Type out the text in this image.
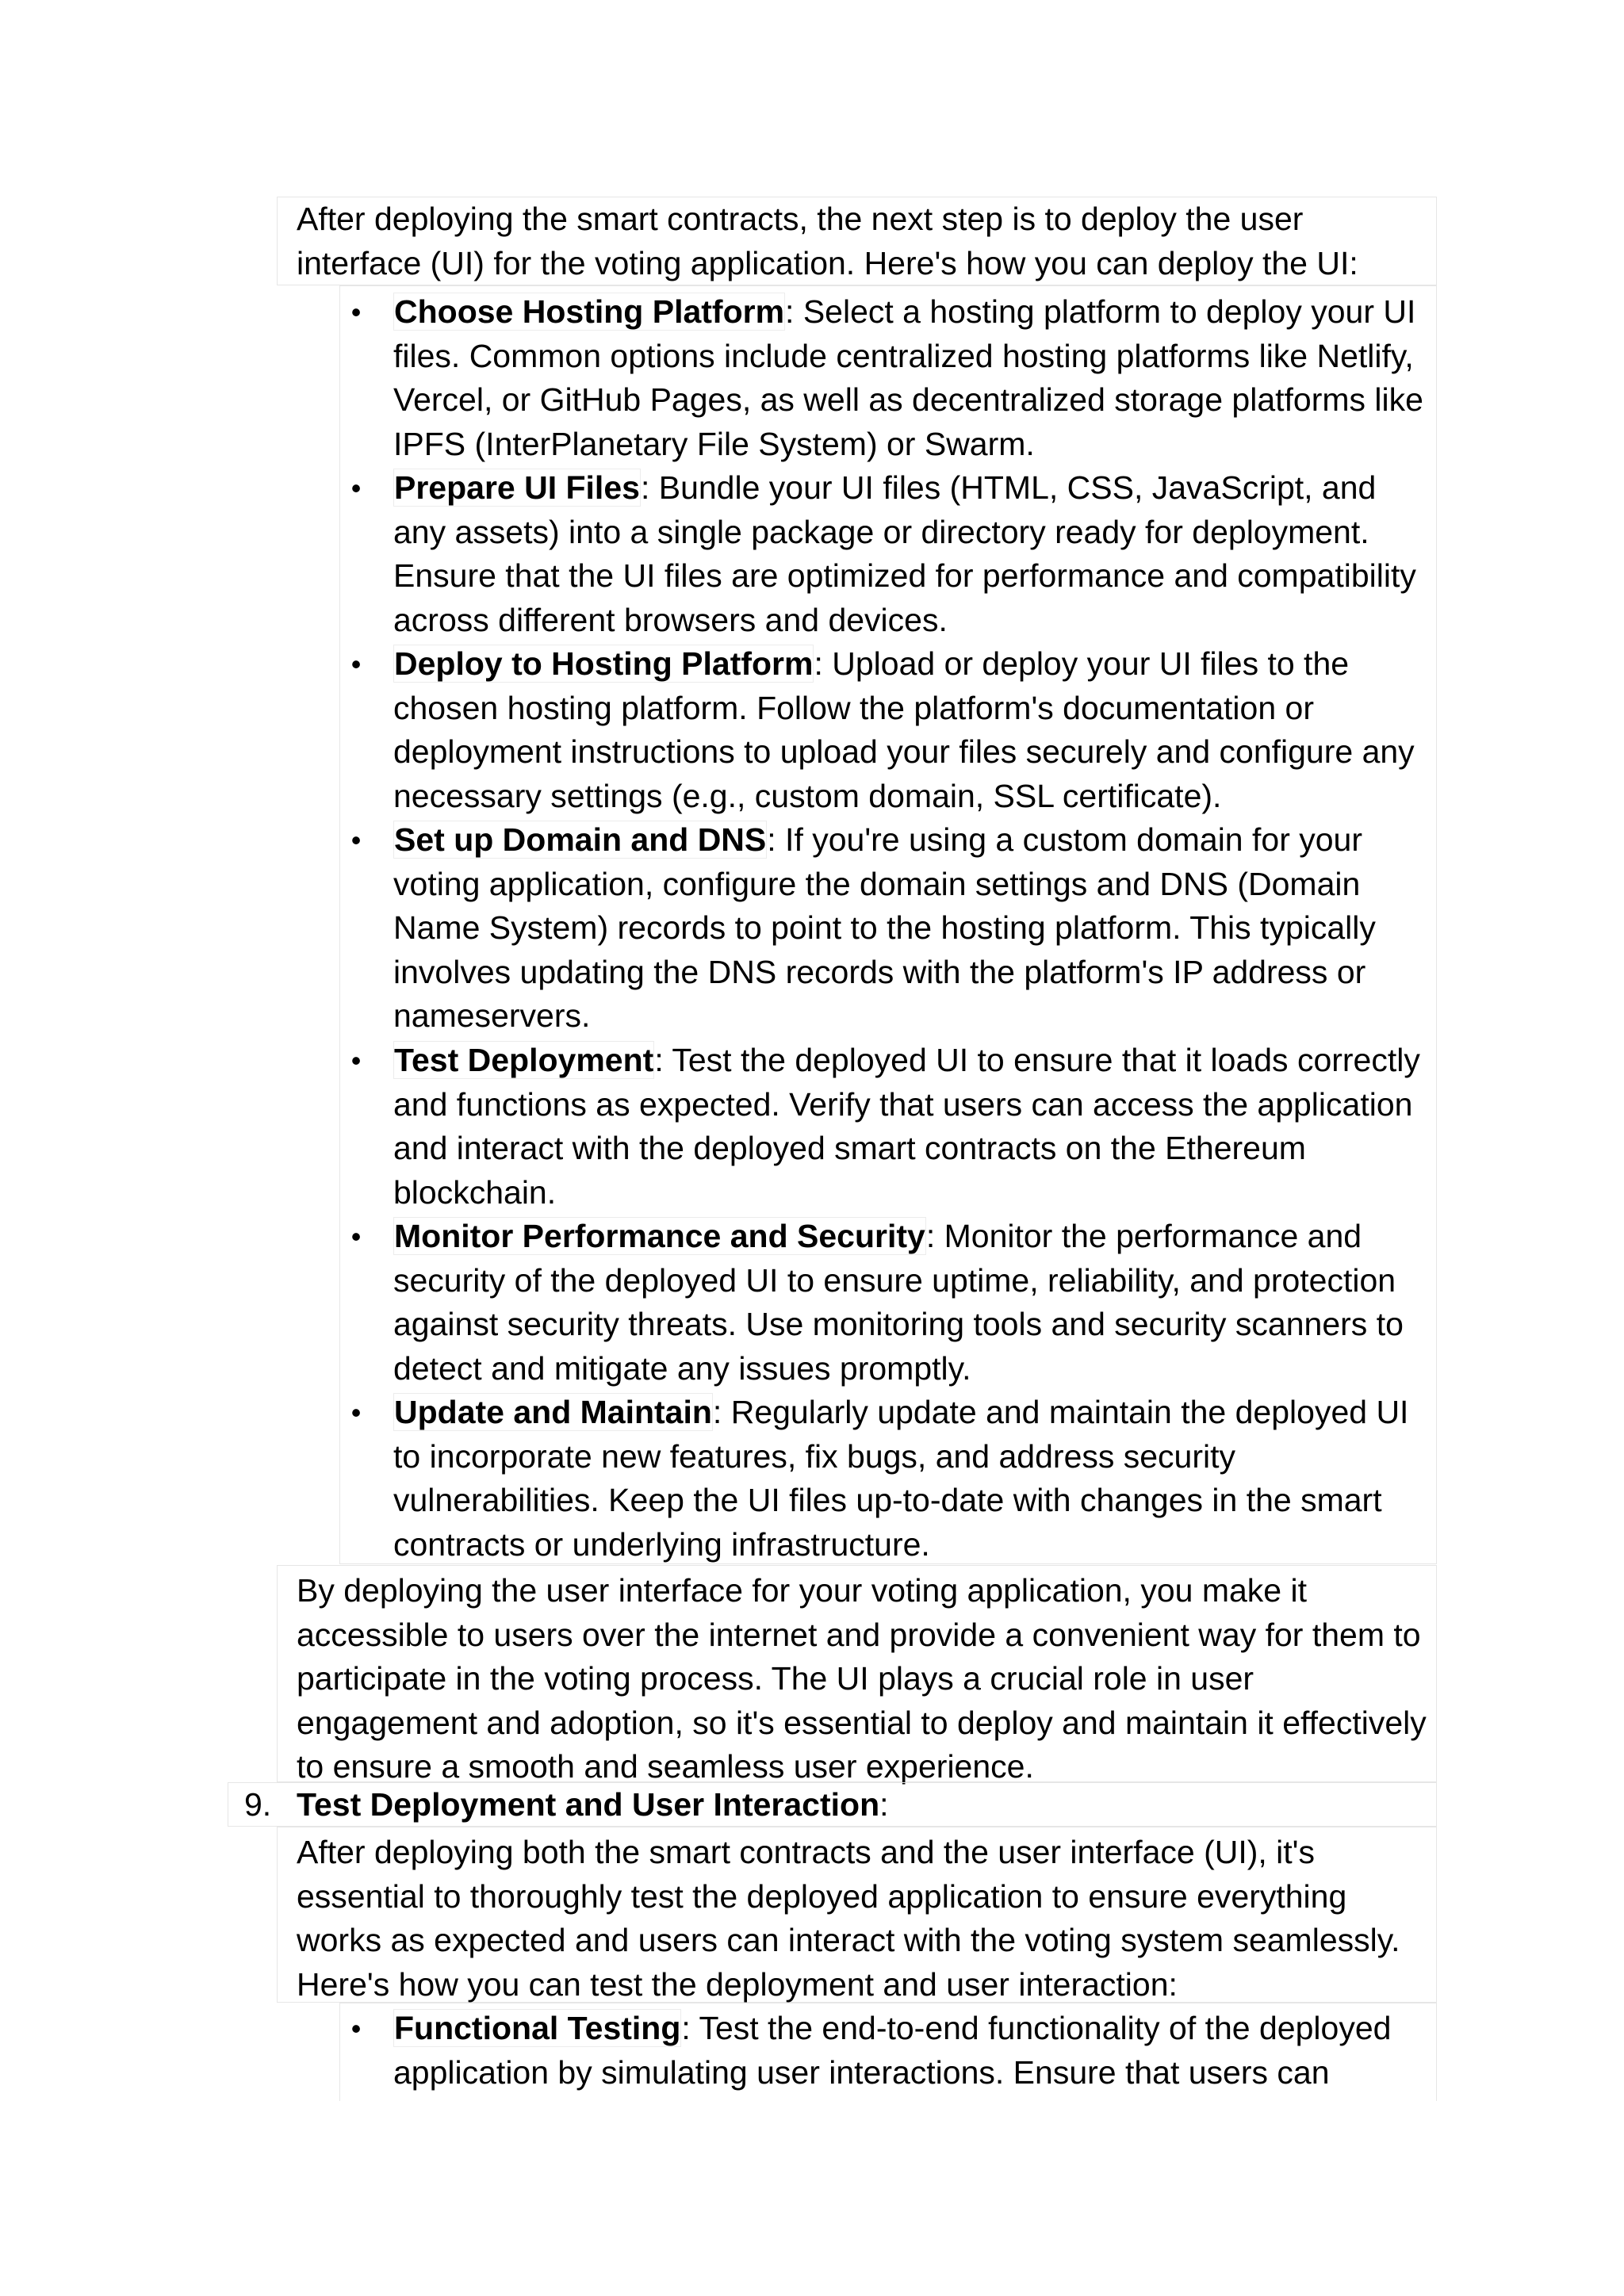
After deploying the smart contracts, the next step is to deploy the user interface (UI) for the voting application. Here's how you can deploy the UI:
• Choose Hosting Platform: Select a hosting platform to deploy your UI files. Common options include centralized hosting platforms like Netlify, Vercel, or GitHub Pages, as well as decentralized storage platforms like IPFS (InterPlanetary File System) or Swarm.
• Prepare UI Files: Bundle your UI files (HTML, CSS, JavaScript, and any assets) into a single package or directory ready for deployment. Ensure that the UI files are optimized for performance and compatibility across different browsers and devices.
• Deploy to Hosting Platform: Upload or deploy your UI files to the chosen hosting platform. Follow the platform's documentation or deployment instructions to upload your files securely and configure any necessary settings (e.g., custom domain, SSL certificate).
• Set up Domain and DNS: If you're using a custom domain for your voting application, configure the domain settings and DNS (Domain Name System) records to point to the hosting platform. This typically involves updating the DNS records with the platform's IP address or nameservers.
• Test Deployment: Test the deployed UI to ensure that it loads correctly and functions as expected. Verify that users can access the application and interact with the deployed smart contracts on the Ethereum blockchain.
• Monitor Performance and Security: Monitor the performance and security of the deployed UI to ensure uptime, reliability, and protection against security threats. Use monitoring tools and security scanners to detect and mitigate any issues promptly.
• Update and Maintain: Regularly update and maintain the deployed UI to incorporate new features, fix bugs, and address security vulnerabilities. Keep the UI files up-to-date with changes in the smart contracts or underlying infrastructure.
By deploying the user interface for your voting application, you make it accessible to users over the internet and provide a convenient way for them to participate in the voting process. The UI plays a crucial role in user engagement and adoption, so it's essential to deploy and maintain it effectively to ensure a smooth and seamless user experience.
9. Test Deployment and User Interaction:
After deploying both the smart contracts and the user interface (UI), it's essential to thoroughly test the deployed application to ensure everything works as expected and users can interact with the voting system seamlessly. Here's how you can test the deployment and user interaction:
• Functional Testing: Test the end-to-end functionality of the deployed application by simulating user interactions. Ensure that users can
